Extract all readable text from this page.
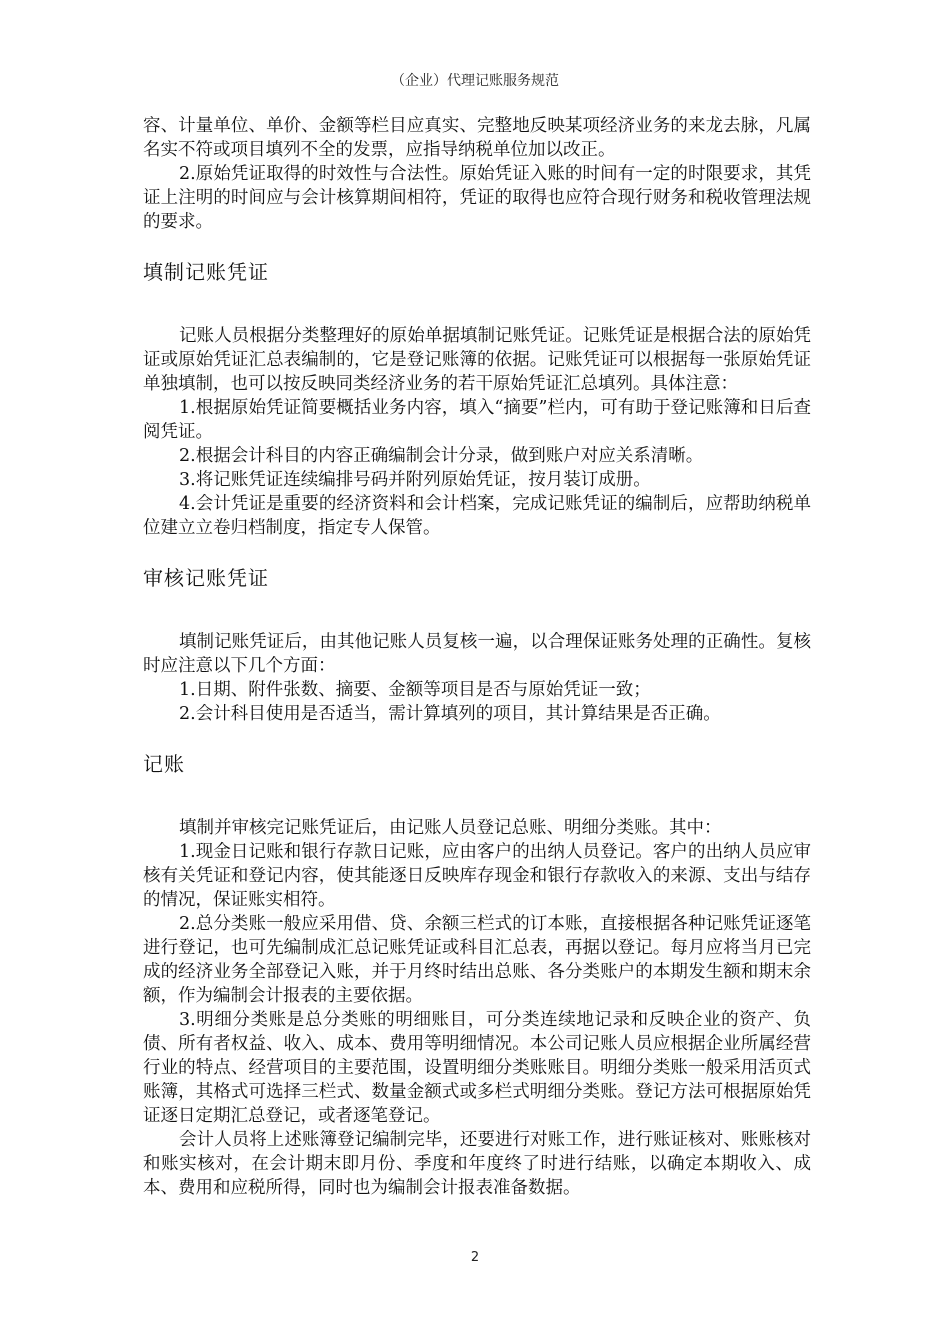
（企业）代理记账服务规范

容、计量单位、单价、金额等栏目应真实、完整地反映某项经济业务的来龙去脉，凡属名实不符或项目填列不全的发票，应指导纳税单位加以改正。

2.原始凭证取得的时效性与合法性。原始凭证入账的时间有一定的时限要求，其凭证上注明的时间应与会计核算期间相符，凭证的取得也应符合现行财务和税收管理法规的要求。

填制记账凭证

记账人员根据分类整理好的原始单据填制记账凭证。记账凭证是根据合法的原始凭证或原始凭证汇总表编制的，它是登记账簿的依据。记账凭证可以根据每一张原始凭证单独填制，也可以按反映同类经济业务的若干原始凭证汇总填列。具体注意：

1.根据原始凭证简要概括业务内容，填入“摘要”栏内，可有助于登记账簿和日后查阅凭证。

2.根据会计科目的内容正确编制会计分录，做到账户对应关系清晰。

3.将记账凭证连续编排号码并附列原始凭证，按月装订成册。

4.会计凭证是重要的经济资料和会计档案，完成记账凭证的编制后，应帮助纳税单位建立立卷归档制度，指定专人保管。

审核记账凭证

填制记账凭证后，由其他记账人员复核一遍，以合理保证账务处理的正确性。复核时应注意以下几个方面：

1.日期、附件张数、摘要、金额等项目是否与原始凭证一致；

2.会计科目使用是否适当，需计算填列的项目，其计算结果是否正确。

记账

填制并审核完记账凭证后，由记账人员登记总账、明细分类账。其中：

1.现金日记账和银行存款日记账，应由客户的出纳人员登记。客户的出纳人员应审核有关凭证和登记内容，使其能逐日反映库存现金和银行存款收入的来源、支出与结存的情况，保证账实相符。

2.总分类账一般应采用借、贷、余额三栏式的订本账，直接根据各种记账凭证逐笔进行登记，也可先编制成汇总记账凭证或科目汇总表，再据以登记。每月应将当月已完成的经济业务全部登记入账，并于月终时结出总账、各分类账户的本期发生额和期末余额，作为编制会计报表的主要依据。

3.明细分类账是总分类账的明细账目，可分类连续地记录和反映企业的资产、负债、所有者权益、收入、成本、费用等明细情况。本公司记账人员应根据企业所属经营行业的特点、经营项目的主要范围，设置明细分类账账目。明细分类账一般采用活页式账簿，其格式可选择三栏式、数量金额式或多栏式明细分类账。登记方法可根据原始凭证逐日定期汇总登记，或者逐笔登记。

会计人员将上述账簿登记编制完毕，还要进行对账工作，进行账证核对、账账核对和账实核对，在会计期末即月份、季度和年度终了时进行结账，以确定本期收入、成本、费用和应税所得，同时也为编制会计报表准备数据。

2
